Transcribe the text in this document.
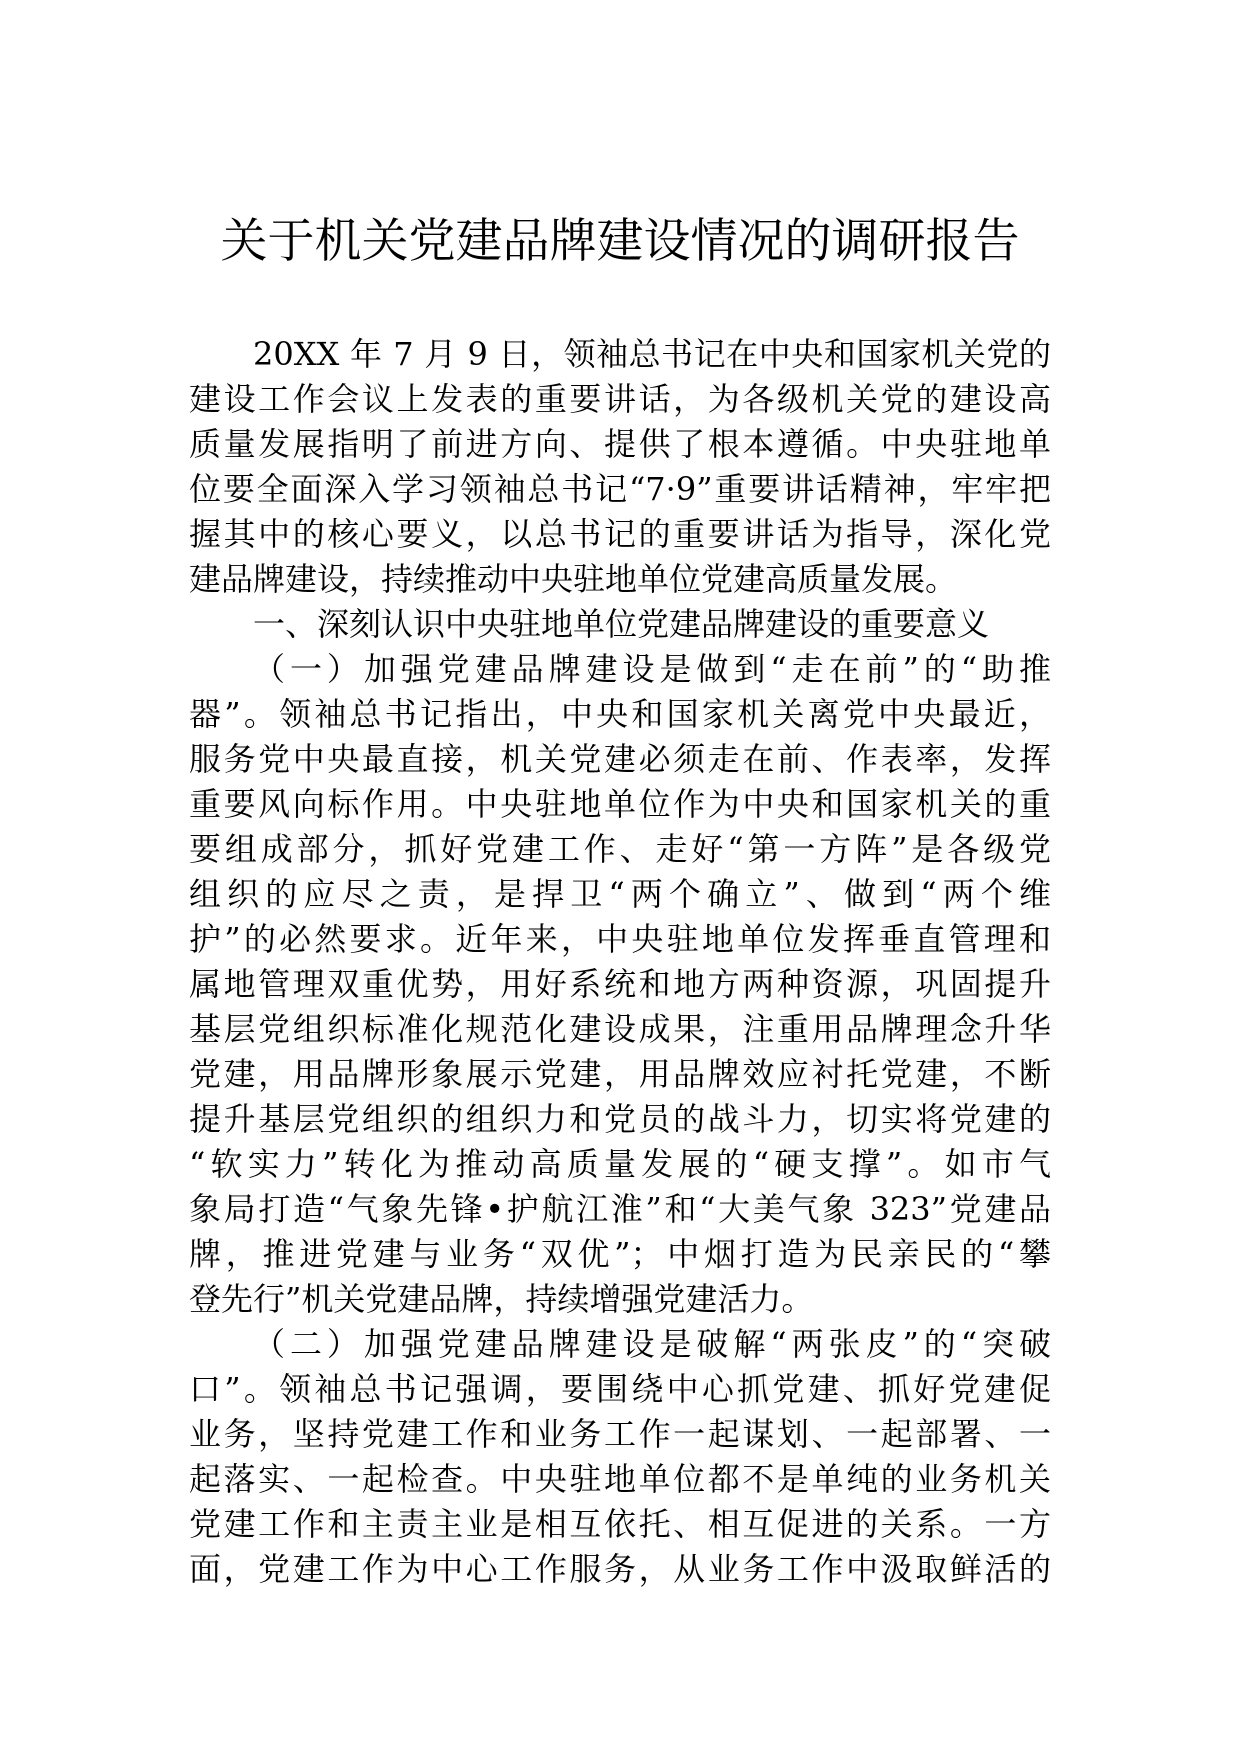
关于机关党建品牌建设情况的调研报告
20XX 年 7 月 9 日，领袖总书记在中央和国家机关党的
建设工作会议上发表的重要讲话，为各级机关党的建设高
质量发展指明了前进方向、提供了根本遵循。中央驻地单
位要全面深入学习领袖总书记“7·9”重要讲话精神，牢牢把
握其中的核心要义，以总书记的重要讲话为指导，深化党
建品牌建设，持续推动中央驻地单位党建高质量发展。
一、深刻认识中央驻地单位党建品牌建设的重要意义
（一）加强党建品牌建设是做到“走在前”的“助推
器”。领袖总书记指出，中央和国家机关离党中央最近，
服务党中央最直接，机关党建必须走在前、作表率，发挥
重要风向标作用。中央驻地单位作为中央和国家机关的重
要组成部分，抓好党建工作、走好“第一方阵”是各级党
组织的应尽之责，是捍卫“两个确立”、做到“两个维
护”的必然要求。近年来，中央驻地单位发挥垂直管理和
属地管理双重优势，用好系统和地方两种资源，巩固提升
基层党组织标准化规范化建设成果，注重用品牌理念升华
党建，用品牌形象展示党建，用品牌效应衬托党建，不断
提升基层党组织的组织力和党员的战斗力，切实将党建的
“软实力”转化为推动高质量发展的“硬支撑”。如市气
象局打造“气象先锋•护航江淮”和“大美气象 323”党建品
牌，推进党建与业务“双优”；中烟打造为民亲民的“攀
登先行”机关党建品牌，持续增强党建活力。
（二）加强党建品牌建设是破解“两张皮”的“突破
口”。领袖总书记强调，要围绕中心抓党建、抓好党建促
业务，坚持党建工作和业务工作一起谋划、一起部署、一
起落实、一起检查。中央驻地单位都不是单纯的业务机关
党建工作和主责主业是相互依托、相互促进的关系。一方
面，党建工作为中心工作服务，从业务工作中汲取鲜活的
